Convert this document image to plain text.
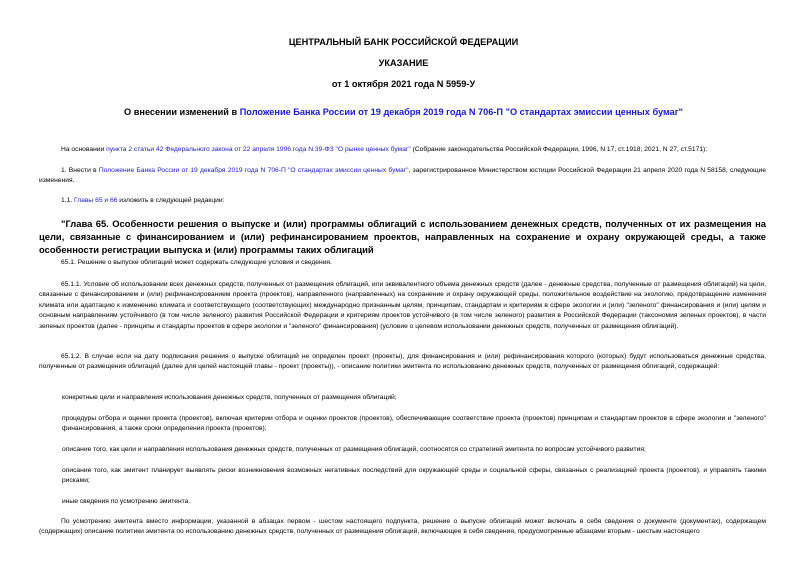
ЦЕНТРАЛЬНЫЙ БАНК РОССИЙСКОЙ ФЕДЕРАЦИИ
УКАЗАНИЕ
от 1 октября 2021 года N 5959-У
О внесении изменений в Положение Банка России от 19 декабря 2019 года N 706-П "О стандартах эмиссии ценных бумаг"
На основании пункта 2 статьи 42 Федерального закона от 22 апреля 1996 года N 39-ФЗ "О рынке ценных бумаг" (Собрание законодательства Российской Федерации, 1996, N 17, ст.1918; 2021, N 27, ст.5171):
1. Внести в Положение Банка России от 19 декабря 2019 года N 706-П "О стандартах эмиссии ценных бумаг", зарегистрированное Министерством юстиции Российской Федерации 21 апреля 2020 года N 58158, следующие изменения.
1.1. Главы 65 и 66 изложить в следующей редакции:
"Глава 65. Особенности решения о выпуске и (или) программы облигаций с использованием денежных средств, полученных от их размещения на цели, связанные с финансированием и (или) рефинансированием проектов, направленных на сохранение и охрану окружающей среды, а также особенности регистрации выпуска и (или) программы таких облигаций
65.1. Решение о выпуске облигаций может содержать следующие условия и сведения.
65.1.1. Условие об использовании всех денежных средств, полученных от размещения облигаций, или эквивалентного объема денежных средств (далее - денежные средства, полученные от размещения облигаций) на цели, связанные с финансированием и (или) рефинансированием проекта (проектов), направленного (направленных) на сохранение и охрану окружающей среды, положительное воздействие на экологию, предотвращение изменения климата или адаптацию к изменению климата и соответствующего (соответствующих) международно признанным целям, принципам, стандартам и критериям в сфере экологии и (или) "зеленого" финансирования и (или) целям и основным направлениям устойчивого (в том числе зеленого) развития Российской Федерации и критериям проектов устойчивого (в том числе зеленого) развития в Российской Федерации (таксономия зеленых проектов), в части зеленых проектов (далее - принципы и стандарты проектов в сфере экологии и "зеленого" финансирования) (условие о целевом использовании денежных средств, полученных от размещения облигаций).
65.1.2. В случае если на дату подписания решения о выпуске облигаций не определен проект (проекты), для финансирования и (или) рефинансирования которого (которых) будут использоваться денежные средства, полученные от размещения облигаций (далее для целей настоящей главы - проект (проекты)), - описание политики эмитента по использованию денежных средств, полученных от размещения облигаций, содержащей:
конкретные цели и направления использования денежных средств, полученных от размещения облигаций;
процедуры отбора и оценки проекта (проектов), включая критерии отбора и оценки проектов (проектов), обеспечивающие соответствие проекта (проектов) принципам и стандартам проектов в сфере экологии и "зеленого" финансирования, а также сроки определения проекта (проектов);
описание того, как цели и направления использования денежных средств, полученных от размещения облигаций, соотносятся со стратегией эмитента по вопросам устойчивого развития;
описание того, как эмитент планирует выявлять риски возникновения возможных негативных последствий для окружающей среды и социальной сферы, связанных с реализацией проекта (проектов), и управлять такими рисками;
иные сведения по усмотрению эмитента.
По усмотрению эмитента вместо информации, указанной в абзацах первом - шестом настоящего подпункта, решение о выпуске облигаций может включать в себя сведения о документе (документах), содержащем (содержащих) описание политики эмитента по использованию денежных средств, полученных от размещения облигаций, включающее в себя сведения, предусмотренные абзацами вторым - шестым настоящего
